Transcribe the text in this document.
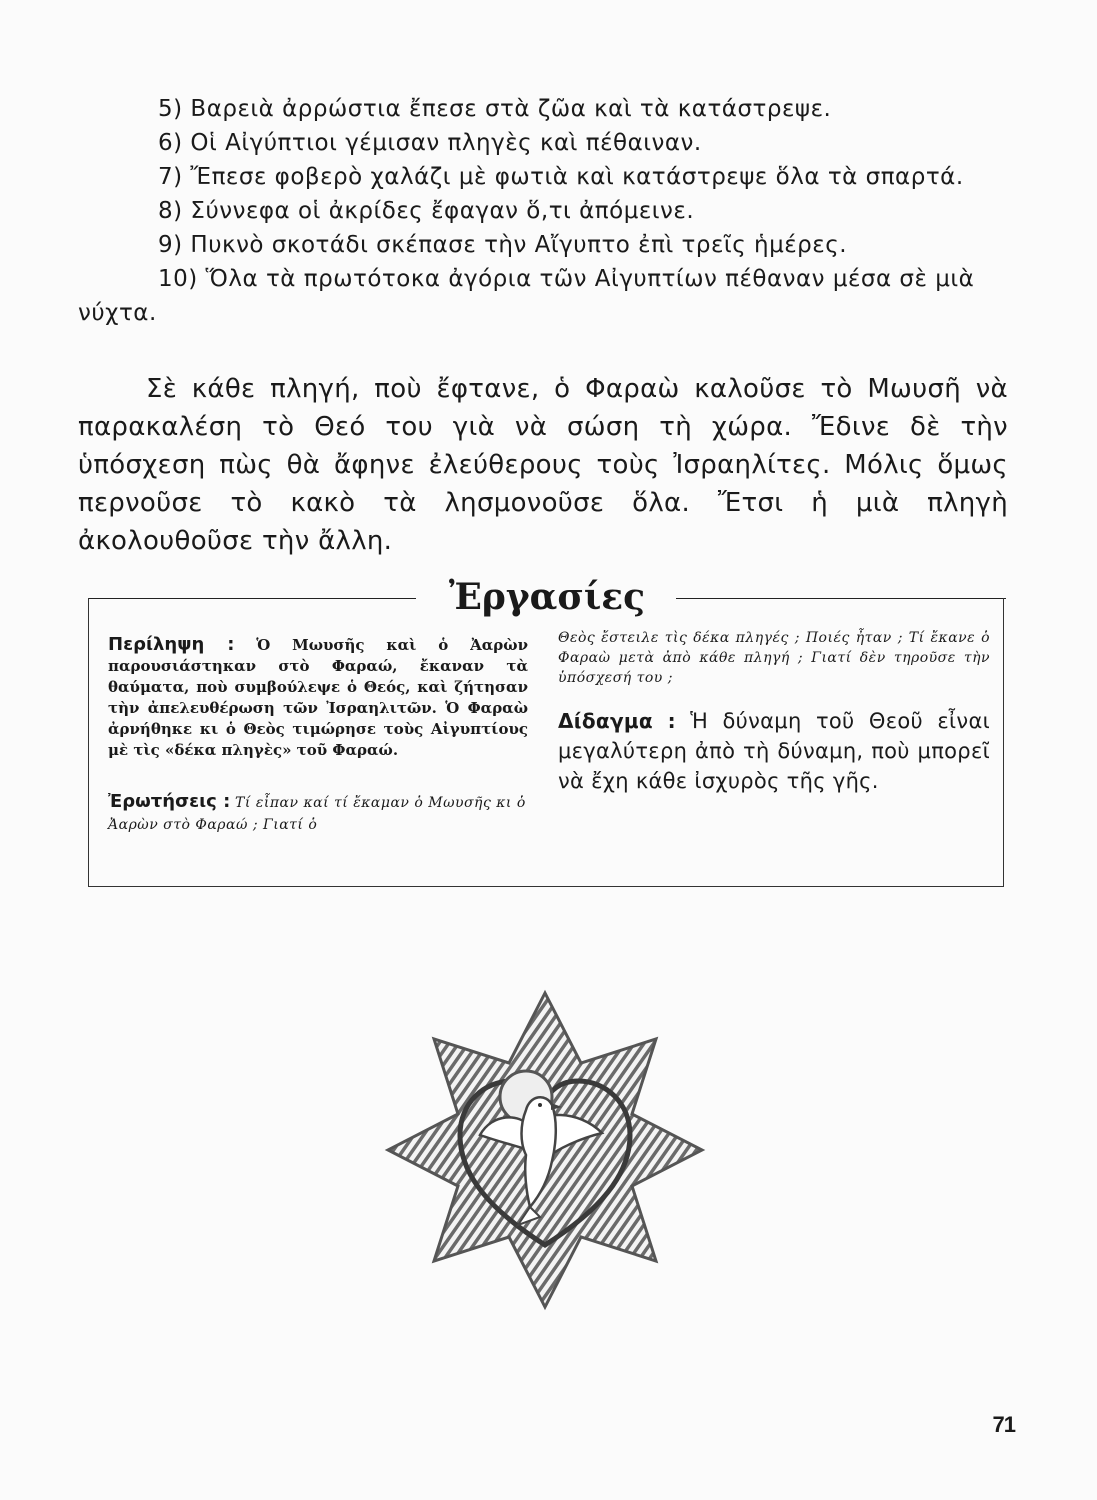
5) Βαρειὰ ἀρρώστια ἔπεσε στὰ ζῶα καὶ τὰ κατάστρεψε.
6) Οἱ Αἰγύπτιοι γέμισαν πληγὲς καὶ πέθαιναν.
7) Ἔπεσε φοβερὸ χαλάζι μὲ φωτιὰ καὶ κατάστρεψε ὅλα τὰ σπαρτά.
8) Σύννεφα οἱ ἀκρίδες ἔφαγαν ὅ,τι ἀπόμεινε.
9) Πυκνὸ σκοτάδι σκέπασε τὴν Αἴγυπτο ἐπὶ τρεῖς ἡμέρες.
10) Ὅλα τὰ πρωτότοκα ἀγόρια τῶν Αἰγυπτίων πέθαναν μέσα σὲ μιὰ νύχτα.

Σὲ κάθε πληγή, ποὺ ἔφτανε, ὁ Φαραὼ καλοῦσε τὸ Μωυσῆ νὰ παρακαλέση τὸ Θεό του γιὰ νὰ σώση τὴ χώρα. Ἔδινε δὲ τὴν ὑπόσχεση πὼς θὰ ἄφηνε ἐλεύθερους τοὺς Ἰσραηλίτες. Μόλις ὅμως περνοῦσε τὸ κακὸ τὰ λησμονοῦσε ὅλα. Ἔτσι ἡ μιὰ πληγὴ ἀκολουθοῦσε τὴν ἄλλη.

Ἐργασίες

Περίληψη : Ὁ Μωυσῆς καὶ ὁ Ἀαρὼν παρουσιάστηκαν στὸ Φαραώ, ἔκαναν τὰ θαύματα, ποὺ συμβούλεψε ὁ Θεός, καὶ ζήτησαν τὴν ἀπελευθέρωση τῶν Ἰσραηλιτῶν. Ὁ Φαραὼ ἀρνήθηκε κι ὁ Θεὸς τιμώρησε τοὺς Αἰγυπτίους μὲ τὶς «δέκα πληγὲς» τοῦ Φαραώ.

Ἐρωτήσεις : Τί εἶπαν καί τί ἔκαμαν ὁ Μωυσῆς κι ὁ Ἀαρὼν στὸ Φαραώ ; Γιατί ὁ

Θεὸς ἔστειλε τὶς δέκα πληγές ; Ποιές ἦταν ; Τί ἔκανε ὁ Φαραὼ μετὰ ἀπὸ κάθε πληγή ; Γιατί δὲν τηροῦσε τὴν ὑπόσχεσή του ;

Δίδαγμα : Ἡ δύναμη τοῦ Θεοῦ εἶναι μεγαλύτερη ἀπὸ τὴ δύναμη, ποὺ μπορεῖ νὰ ἔχη κάθε ἰσχυρὸς τῆς γῆς.

71
